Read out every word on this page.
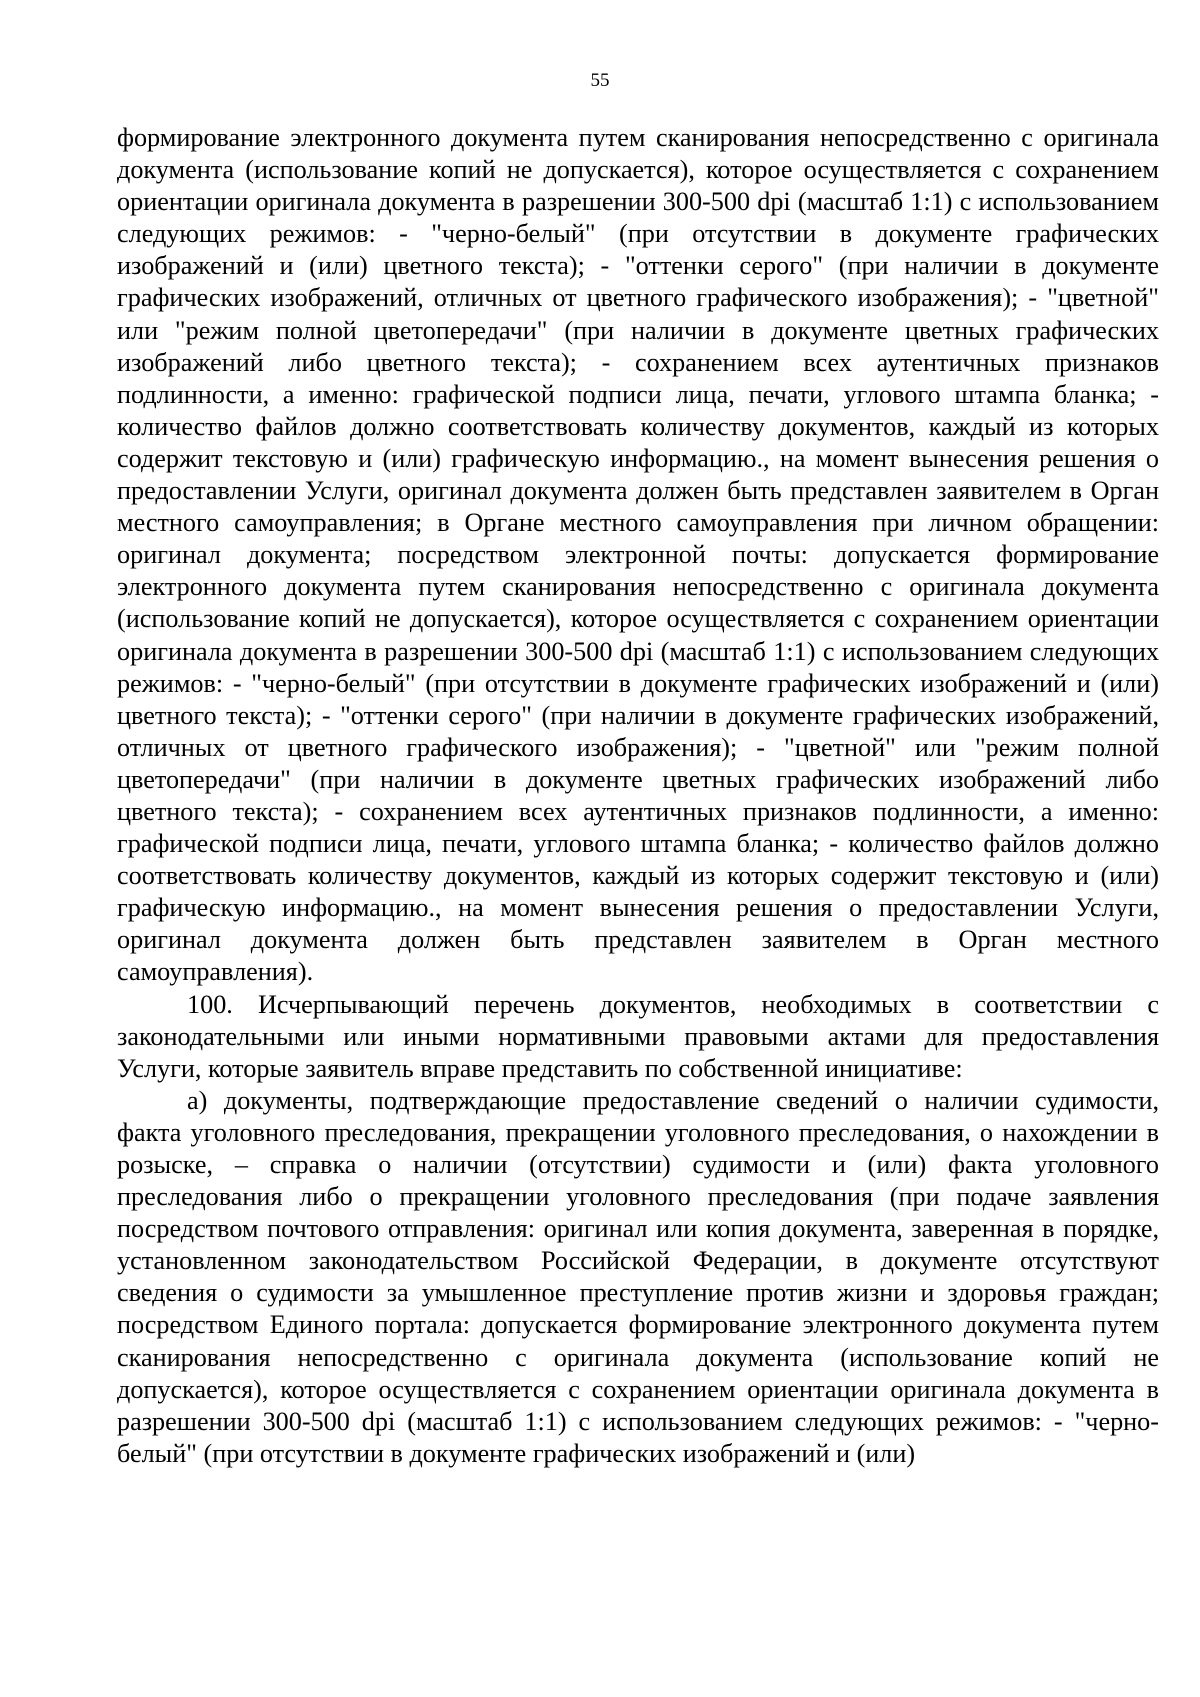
55

формирование электронного документа путем сканирования непосредственно с оригинала документа (использование копий не допускается), которое осуществляется с сохранением ориентации оригинала документа в разрешении 300-500 dpi (масштаб 1:1) с использованием следующих режимов: - "черно-белый" (при отсутствии в документе графических изображений и (или) цветного текста); - "оттенки серого" (при наличии в документе графических изображений, отличных от цветного графического изображения); - "цветной" или "режим полной цветопередачи" (при наличии в документе цветных графических изображений либо цветного текста); - сохранением всех аутентичных признаков подлинности, а именно: графической подписи лица, печати, углового штампа бланка; - количество файлов должно соответствовать количеству документов, каждый из которых содержит текстовую и (или) графическую информацию., на момент вынесения решения о предоставлении Услуги, оригинал документа должен быть представлен заявителем в Орган местного самоуправления; в Органе местного самоуправления при личном обращении: оригинал документа; посредством электронной почты: допускается формирование электронного документа путем сканирования непосредственно с оригинала документа (использование копий не допускается), которое осуществляется с сохранением ориентации оригинала документа в разрешении 300-500 dpi (масштаб 1:1) с использованием следующих режимов: - "черно-белый" (при отсутствии в документе графических изображений и (или) цветного текста); - "оттенки серого" (при наличии в документе графических изображений, отличных от цветного графического изображения); - "цветной" или "режим полной цветопередачи" (при наличии в документе цветных графических изображений либо цветного текста); - сохранением всех аутентичных признаков подлинности, а именно: графической подписи лица, печати, углового штампа бланка; - количество файлов должно соответствовать количеству документов, каждый из которых содержит текстовую и (или) графическую информацию., на момент вынесения решения о предоставлении Услуги, оригинал документа должен быть представлен заявителем в Орган местного самоуправления).

100. Исчерпывающий перечень документов, необходимых в соответствии с законодательными или иными нормативными правовыми актами для предоставления Услуги, которые заявитель вправе представить по собственной инициативе:

а) документы, подтверждающие предоставление сведений о наличии судимости, факта уголовного преследования, прекращении уголовного преследования, о нахождении в розыске, – справка о наличии (отсутствии) судимости и (или) факта уголовного преследования либо о прекращении уголовного преследования (при подаче заявления посредством почтового отправления: оригинал или копия документа, заверенная в порядке, установленном законодательством Российской Федерации, в документе отсутствуют сведения о судимости за умышленное преступление против жизни и здоровья граждан; посредством Единого портала: допускается формирование электронного документа путем сканирования непосредственно с оригинала документа (использование копий не допускается), которое осуществляется с сохранением ориентации оригинала документа в разрешении 300-500 dpi (масштаб 1:1) с использованием следующих режимов: - "черно-белый" (при отсутствии в документе графических изображений и (или)
